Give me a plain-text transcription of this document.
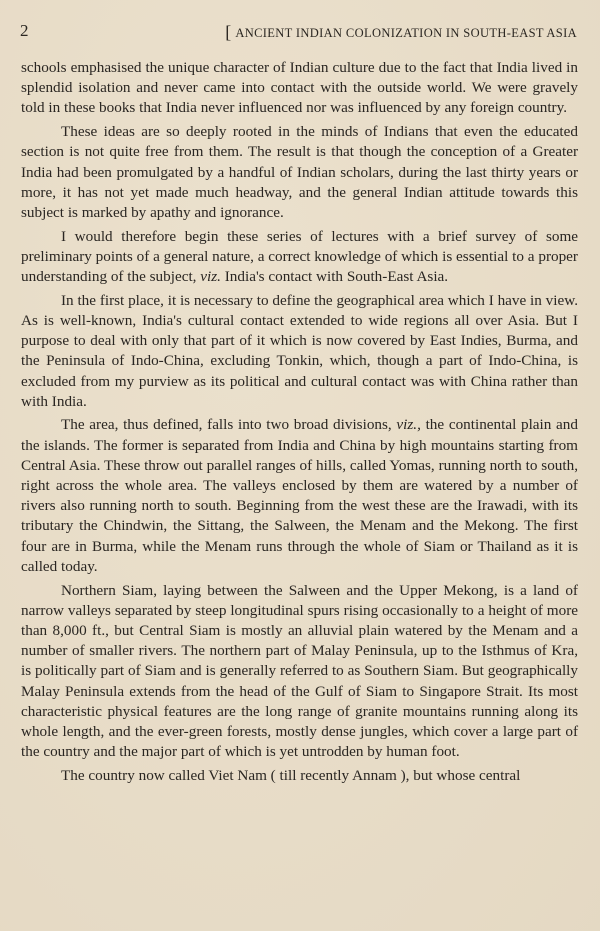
2	[ ANCIENT INDIAN COLONIZATION IN SOUTH-EAST ASIA

schools emphasised the unique character of Indian culture due to the fact that India lived in splendid isolation and never came into contact with the outside world. We were gravely told in these books that India never influenced nor was influenced by any foreign country.

These ideas are so deeply rooted in the minds of Indians that even the educated section is not quite free from them. The result is that though the conception of a Greater India had been promulgated by a handful of Indian scholars, during the last thirty years or more, it has not yet made much headway, and the general Indian attitude towards this subject is marked by apathy and ignorance.

I would therefore begin these series of lectures with a brief survey of some preliminary points of a general nature, a correct knowledge of which is essential to a proper understanding of the subject, viz. India's contact with South-East Asia.

In the first place, it is necessary to define the geographical area which I have in view. As is well-known, India's cultural contact extended to wide regions all over Asia. But I purpose to deal with only that part of it which is now covered by East Indies, Burma, and the Peninsula of Indo-China, excluding Tonkin, which, though a part of Indo-China, is excluded from my purview as its political and cultural contact was with China rather than with India.

The area, thus defined, falls into two broad divisions, viz., the continental plain and the islands. The former is separated from India and China by high mountains starting from Central Asia. These throw out parallel ranges of hills, called Yomas, running north to south, right across the whole area. The valleys enclosed by them are watered by a number of rivers also running north to south. Beginning from the west these are the Irawadi, with its tributary the Chindwin, the Sittang, the Salween, the Menam and the Mekong. The first four are in Burma, while the Menam runs through the whole of Siam or Thailand as it is called today.

Northern Siam, laying between the Salween and the Upper Mekong, is a land of narrow valleys separated by steep longitudinal spurs rising occasionally to a height of more than 8,000 ft., but Central Siam is mostly an alluvial plain watered by the Menam and a number of smaller rivers. The northern part of Malay Peninsula, up to the Isthmus of Kra, is politically part of Siam and is generally referred to as Southern Siam. But geographically Malay Peninsula extends from the head of the Gulf of Siam to Singapore Strait. Its most characteristic physical features are the long range of granite mountains running along its whole length, and the ever-green forests, mostly dense jungles, which cover a large part of the country and the major part of which is yet untrodden by human foot.

The country now called Viet Nam ( till recently Annam ), but whose central
